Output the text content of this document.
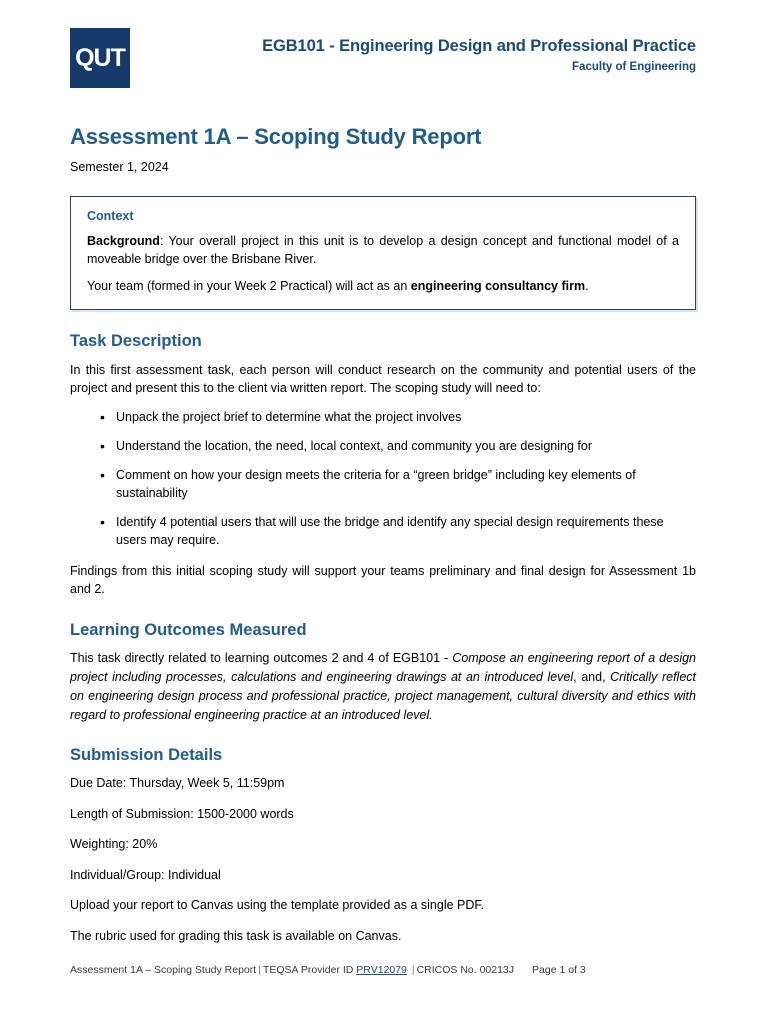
QUT	EGB101 - Engineering Design and Professional Practice
Faculty of Engineering
Assessment 1A – Scoping Study Report
Semester 1, 2024
Context

Background: Your overall project in this unit is to develop a design concept and functional model of a moveable bridge over the Brisbane River.

Your team (formed in your Week 2 Practical) will act as an engineering consultancy firm.

Task Description

In this first assessment task, each person will conduct research on the community and potential users of the project and present this to the client via written report. The scoping study will need to:

• Unpack the project brief to determine what the project involves
• Understand the location, the need, local context, and community you are designing for
• Comment on how your design meets the criteria for a “green bridge” including key elements of sustainability
• Identify 4 potential users that will use the bridge and identify any special design requirements these users may require.

Findings from this initial scoping study will support your teams preliminary and final design for Assessment 1b and 2.

Learning Outcomes Measured

This task directly related to learning outcomes 2 and 4 of EGB101 - Compose an engineering report of a design project including processes, calculations and engineering drawings at an introduced level, and, Critically reflect on engineering design process and professional practice, project management, cultural diversity and ethics with regard to professional engineering practice at an introduced level.

Submission Details
Due Date: Thursday, Week 5, 11:59pm
Length of Submission: 1500-2000 words
Weighting: 20%
Individual/Group: Individual
Upload your report to Canvas using the template provided as a single PDF.
The rubric used for grading this task is available on Canvas.
Assessment 1A – Scoping Study Report | TEQSA Provider ID PRV12079 | CRICOS No. 00213J Page 1 of 3
